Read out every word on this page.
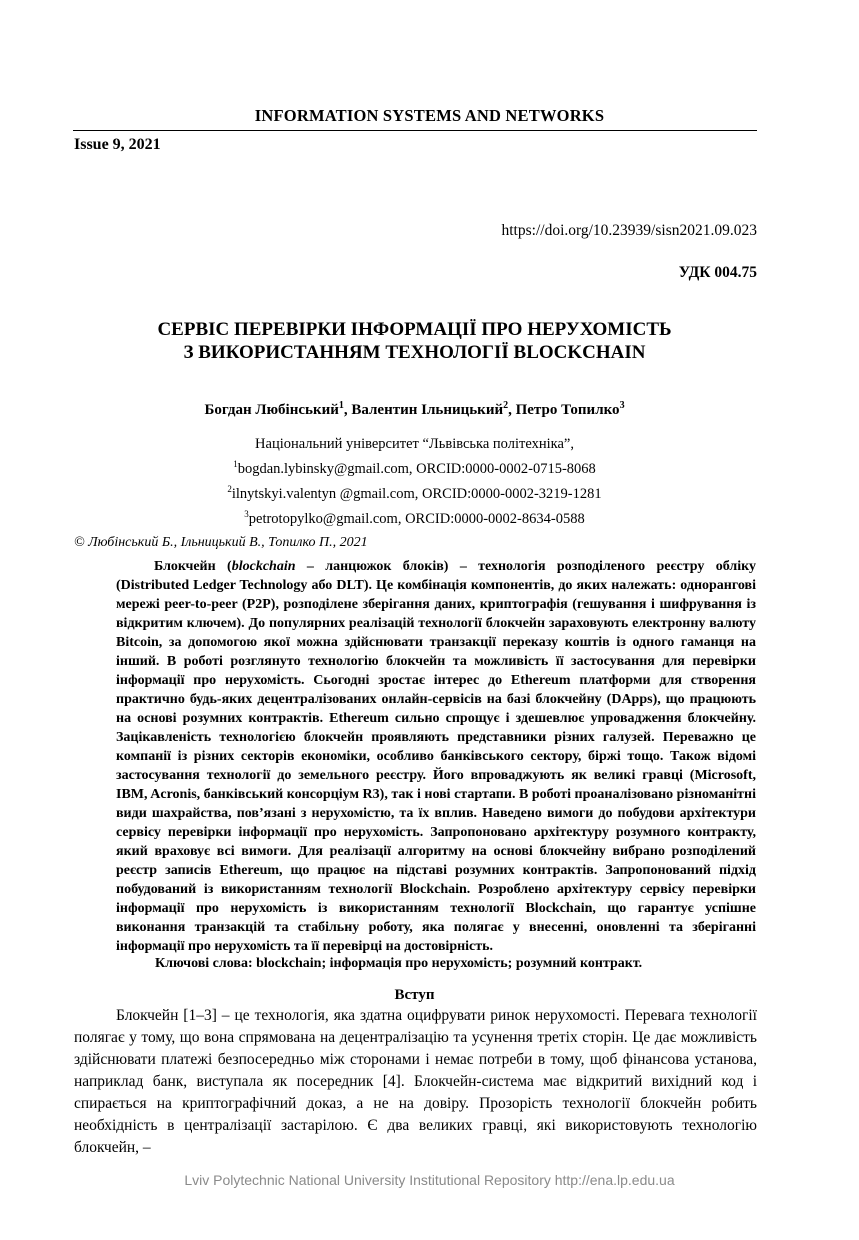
INFORMATION SYSTEMS AND NETWORKS
Issue 9, 2021
https://doi.org/10.23939/sisn2021.09.023
УДК 004.75
СЕРВІС ПЕРЕВІРКИ ІНФОРМАЦІЇ ПРО НЕРУХОМІСТЬ
З ВИКОРИСТАННЯМ ТЕХНОЛОГІЇ BLOCKCHAIN
Богдан Любінський$^1$, Валентин Ільницький$^2$, Петро Топилко$^3$
Національний університет “Львівська політехніка”,
$^1$bogdan.lybinsky@gmail.com, ORCID:0000-0002-0715-8068
$^2$ilnytskyi.valentyn @gmail.com, ORCID:0000-0002-3219-1281
$^3$petrotopylko@gmail.com, ORCID:0000-0002-8634-0588
© Любінський Б., Ільницький В., Топилко П., 2021
Блокчейн (blockchain – ланцюжок блоків) – технологія розподіленого реєстру обліку (Distributed Ledger Technology або DLT). Це комбінація компонентів, до яких належать: однорангові мережі peer-to-peer (P2P), розподілене зберігання даних, криптографія (гешування і шифрування із відкритим ключем). До популярних реалізацій технології блокчейн зараховують електронну валюту Bitcoin, за допомогою якої можна здійснювати транзакції переказу коштів із одного гаманця на інший. В роботі розглянуто технологію блокчейн та можливість її застосування для перевірки інформації про нерухомість. Сьогодні зростає інтерес до Ethereum платформи для створення практично будь-яких децентралізованих онлайн-сервісів на базі блокчейну (DApps), що працюють на основі розумних контрактів. Ethereum сильно спрощує і здешевлює упровадження блокчейну. Зацікавленість технологією блокчейн проявляють представники різних галузей. Переважно це компанії із різних секторів економіки, особливо банківського сектору, біржі тощо. Також відомі застосування технології до земельного реєстру. Його впроваджують як великі гравці (Microsoft, IBM, Acronis, банківський консорціум R3), так і нові стартапи. В роботі проаналізовано різноманітні види шахрайства, пов’язані з нерухомістю, та їх вплив. Наведено вимоги до побудови архітектури сервісу перевірки інформації про нерухомість. Запропоновано архітектуру розумного контракту, який враховує всі вимоги. Для реалізації алгоритму на основі блокчейну вибрано розподілений реєстр записів Ethereum, що працює на підставі розумних контрактів. Запропонований підхід побудований із використанням технології Blockchain. Розроблено архітектуру сервісу перевірки інформації про нерухомість із використанням технології Blockchain, що гарантує успішне виконання транзакцій та стабільну роботу, яка полягає у внесенні, оновленні та зберіганні інформації про нерухомість та її перевірці на достовірність.
Ключові слова: blockchain; інформація про нерухомість; розумний контракт.
Вступ
Блокчейн [1–3] – це технологія, яка здатна оцифрувати ринок нерухомості. Перевага технології полягає у тому, що вона спрямована на децентралізацію та усунення третіх сторін. Це дає можливість здійснювати платежі безпосередньо між сторонами і немає потреби в тому, щоб фінансова установа, наприклад банк, виступала як посередник [4]. Блокчейн-система має відкритий вихідний код і спирається на криптографічний доказ, а не на довіру. Прозорість технології блокчейн робить необхідність в централізації застарілою. Є два великих гравці, які використовують технологію блокчейн, –
Lviv Polytechnic National University Institutional Repository http://ena.lp.edu.ua
